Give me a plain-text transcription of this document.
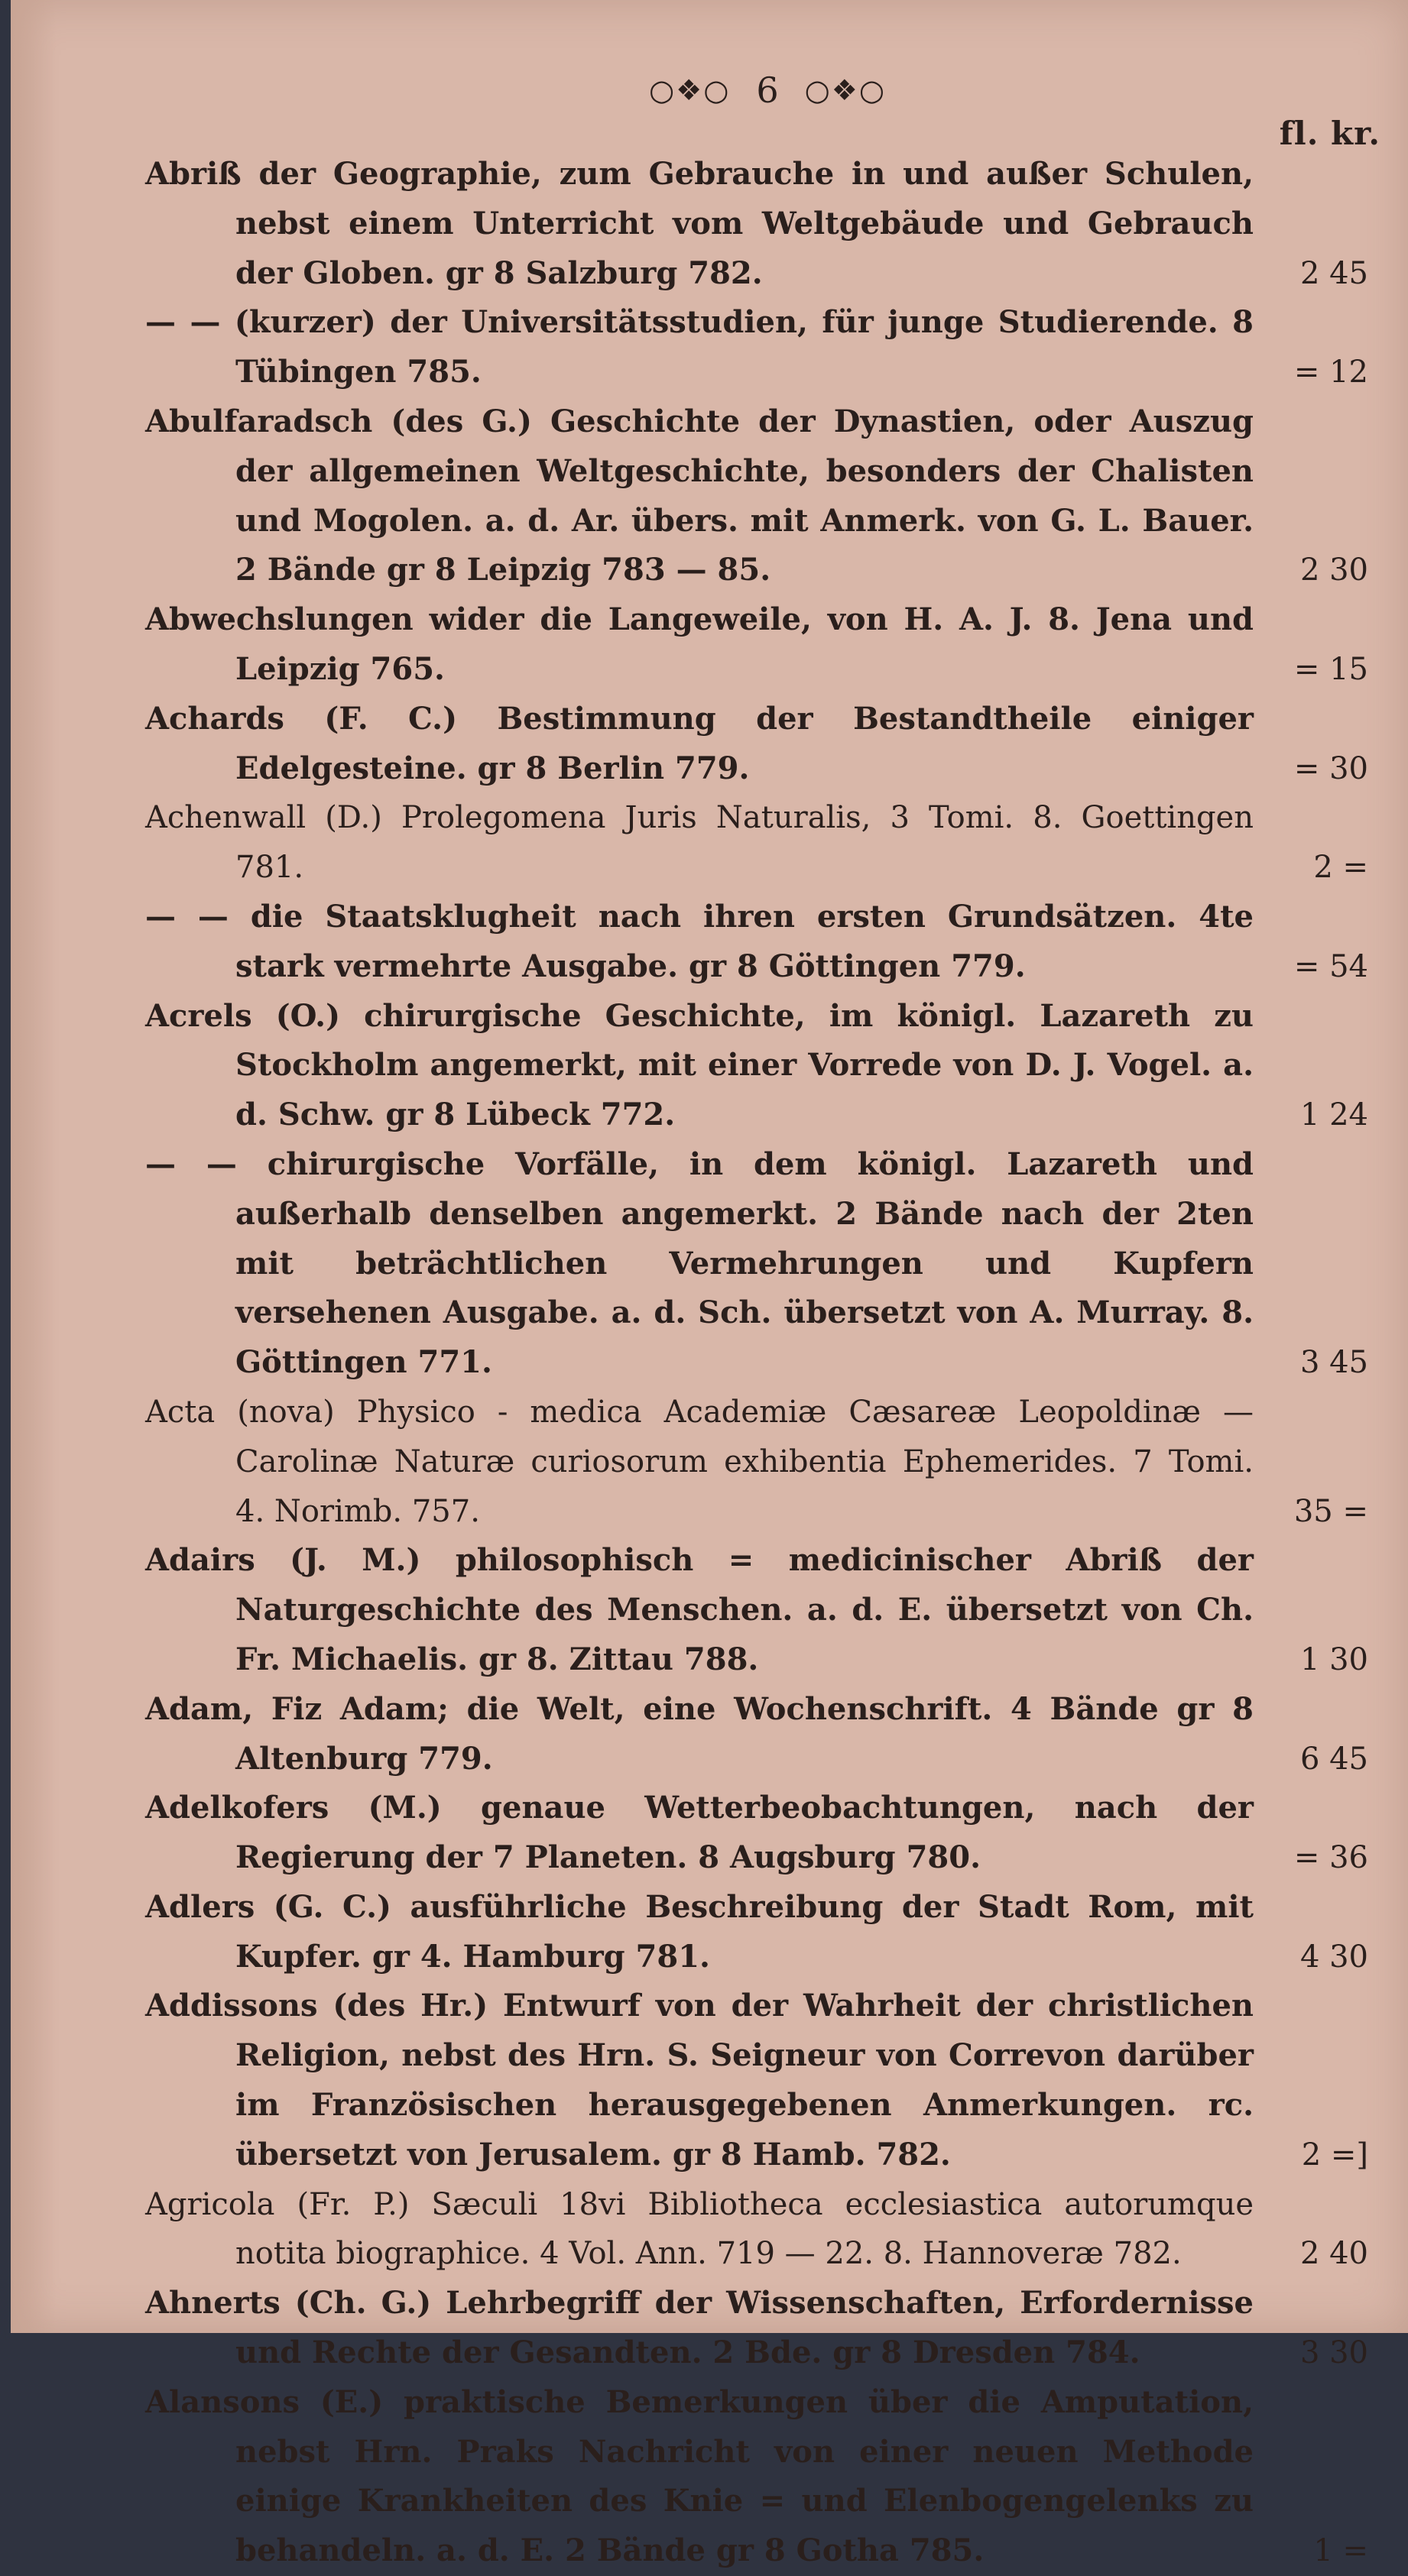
○❖○ 6 ○❖○
fl. kr.
Abriß der Geographie, zum Gebrauche in und außer Schulen, nebst einem Unterricht vom Weltgebäude und Gebrauch der Globen. gr 8 Salzburg 782.	2 45
— — (kurzer) der Universitätsstudien, für junge Studierende. 8 Tübingen 785.	= 12
Abulfaradsch (des G.) Geschichte der Dynastien, oder Auszug der allgemeinen Weltgeschichte, besonders der Chalisten und Mogolen. a. d. Ar. übers. mit Anmerk. von G. L. Bauer. 2 Bände gr 8 Leipzig 783 — 85.	2 30
Abwechslungen wider die Langeweile, von H. A. J. 8. Jena und Leipzig 765.	= 15
Achards (F. C.) Bestimmung der Bestandtheile einiger Edelgesteine. gr 8 Berlin 779.	= 30
Achenwall (D.) Prolegomena Juris Naturalis, 3 Tomi. 8. Goettingen 781.	2 =
— — die Staatsklugheit nach ihren ersten Grundsätzen. 4te stark vermehrte Ausgabe. gr 8 Göttingen 779.	= 54
Acrels (O.) chirurgische Geschichte, im königl. Lazareth zu Stockholm angemerkt, mit einer Vorrede von D. J. Vogel. a. d. Schw. gr 8 Lübeck 772.	1 24
— — chirurgische Vorfälle, in dem königl. Lazareth und außerhalb denselben angemerkt. 2 Bände nach der 2ten mit beträchtlichen Vermehrungen und Kupfern versehenen Ausgabe. a. d. Sch. übersetzt von A. Murray. 8. Göttingen 771.	3 45
Acta (nova) Physico - medica Academiæ Cæsareæ Leopoldinæ — Carolinæ Naturæ curiosorum exhibentia Ephemerides. 7 Tomi. 4. Norimb. 757.	35 =
Adairs (J. M.) philosophisch = medicinischer Abriß der Naturgeschichte des Menschen. a. d. E. übersetzt von Ch. Fr. Michaelis. gr 8. Zittau 788.	1 30
Adam, Fiz Adam; die Welt, eine Wochenschrift. 4 Bände gr 8 Altenburg 779.	6 45
Adelkofers (M.) genaue Wetterbeobachtungen, nach der Regierung der 7 Planeten. 8 Augsburg 780.	= 36
Adlers (G. C.) ausführliche Beschreibung der Stadt Rom, mit Kupfer. gr 4. Hamburg 781.	4 30
Addissons (des Hr.) Entwurf von der Wahrheit der christlichen Religion, nebst des Hrn. S. Seigneur von Correvon darüber im Französischen herausgegebenen Anmerkungen. rc. übersetzt von Jerusalem. gr 8 Hamb. 782.	2 =]
Agricola (Fr. P.) Sæculi 18vi Bibliotheca ecclesiastica autorumque notita biographice. 4 Vol. Ann. 719 — 22. 8. Hannoveræ 782.	2 40
Ahnerts (Ch. G.) Lehrbegriff der Wissenschaften, Erfordernisse und Rechte der Gesandten. 2 Bde. gr 8 Dresden 784.	3 30
Alansons (E.) praktische Bemerkungen über die Amputation, nebst Hrn. Praks Nachricht von einer neuen Methode einige Krankheiten des Knie = und Elenbogengelenks zu behandeln. a. d. E. 2 Bände gr 8 Gotha 785.	1 =
